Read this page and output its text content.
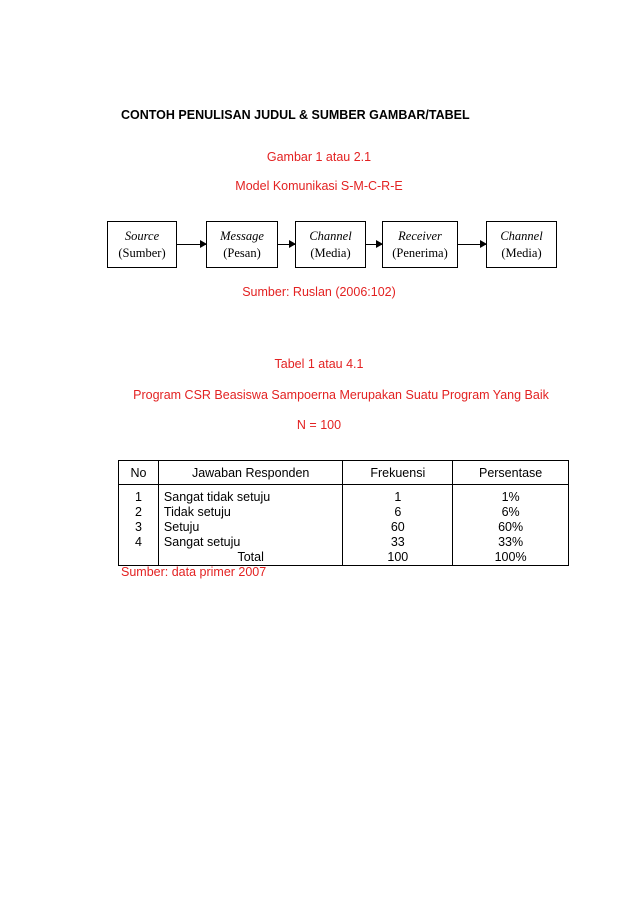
CONTOH PENULISAN JUDUL & SUMBER GAMBAR/TABEL
Gambar 1 atau 2.1
Model Komunikasi S-M-C-R-E
Source
(Sumber)
Message
(Pesan)
Channel
(Media)
Receiver
(Penerima)
Channel
(Media)
Sumber: Ruslan (2006:102)
Tabel 1 atau 4.1
Program CSR Beasiswa Sampoerna Merupakan Suatu Program Yang Baik
N = 100
No	Jawaban Responden	Frekuensi	Persentase
1	Sangat tidak setuju	1	1%
2	Tidak setuju	6	6%
3	Setuju	60	60%
4	Sangat setuju	33	33%
	Total	100	100%
Sumber: data primer 2007
